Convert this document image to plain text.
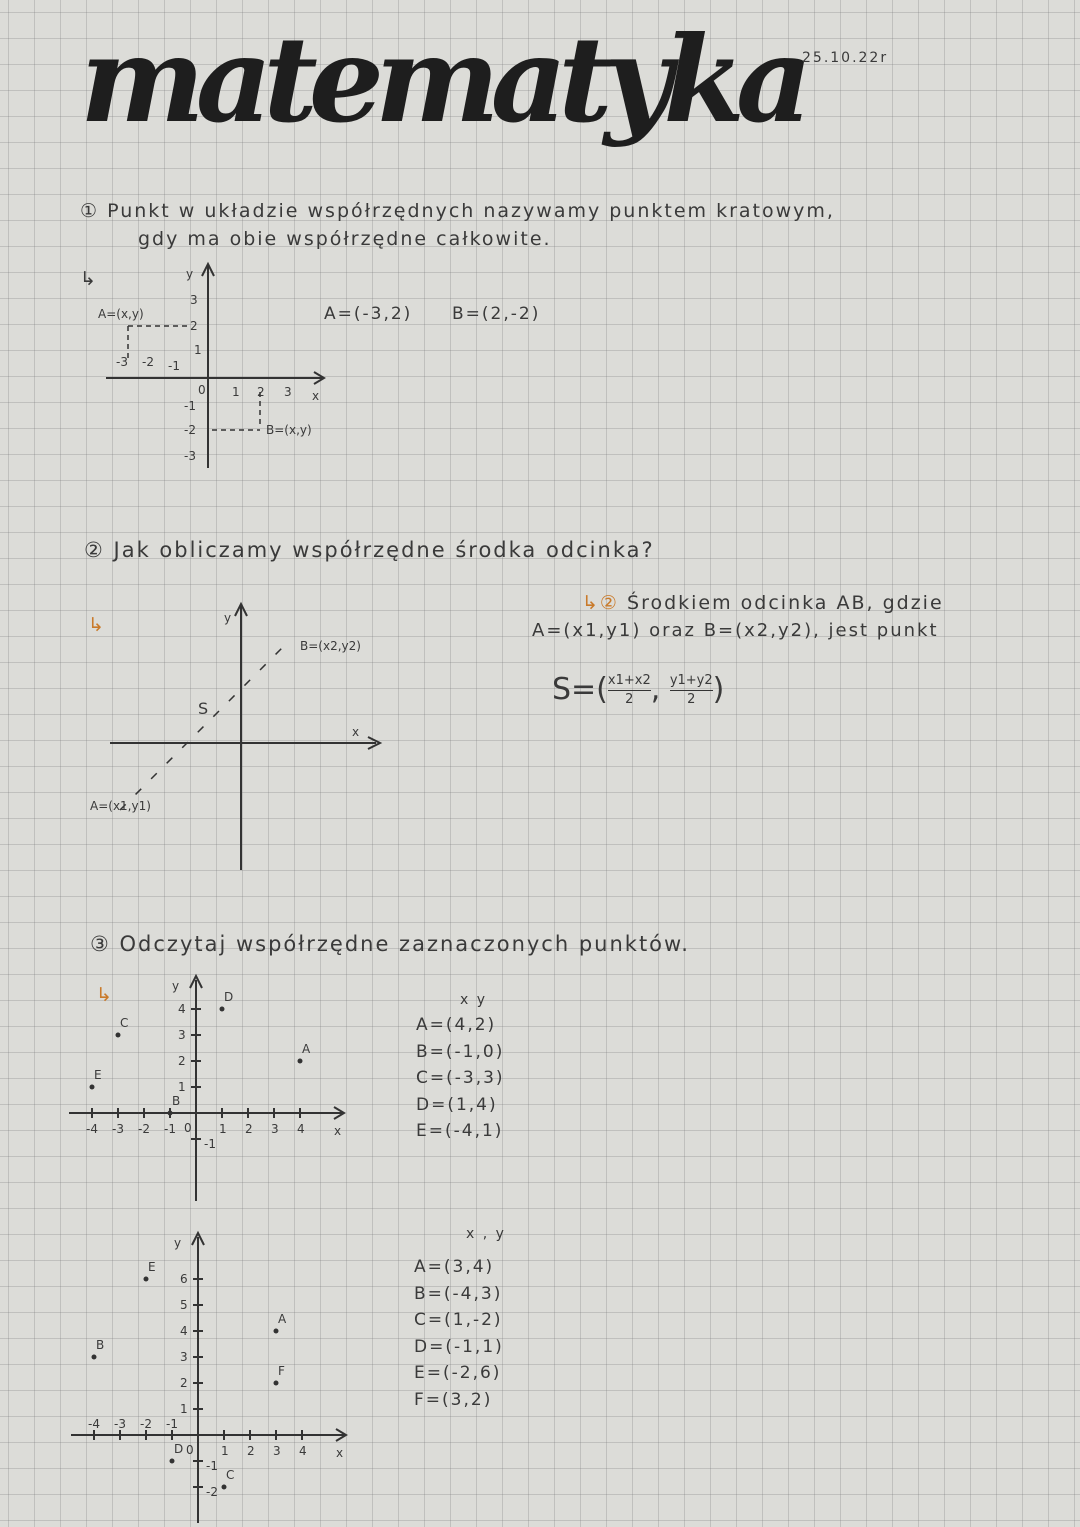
matematyka
25.10.22r
① Punkt w układzie współrzędnych nazywamy punktem kratowym,
gdy ma obie współrzędne całkowite.
↳
A=(-3,2) B=(2,-2)
② Jak obliczamy współrzędne środka odcinka?
↳
↳② Środkiem odcinka AB, gdzie
A=(x1,y1) oraz B=(x2,y2), jest punkt
$S=( \frac{x1+x2}{2}$, $\frac{y1+y2}{2}$)
③ Odczytaj współrzędne zaznaczonych punktów.
↳	x y
A=(4,2)
B=(-1,0)
C=(-3,3)
D=(1,4)
E=(-4,1)
x , y
A=(3,4)
B=(-4,3)
C=(1,-2)
D=(-1,1)
E=(-2,6)
F=(3,2)
A=(x,y)
B=(x,y)
x
y
-3 -2 -1
0 1 2 3
3
2
1
-1
-2
-3
B=(x2,y2)
A=(x1,y1)
S
x
y
-4 -3 -2 -1	1 2 3 4
0
4
3
2
1
-1
x
y
A
B
C
D
E
-4 -3 -2 -1
1 2 3 4
0
6
5
4
3
2
1
-1
-2
x
y
A
B
C
D
E
F
